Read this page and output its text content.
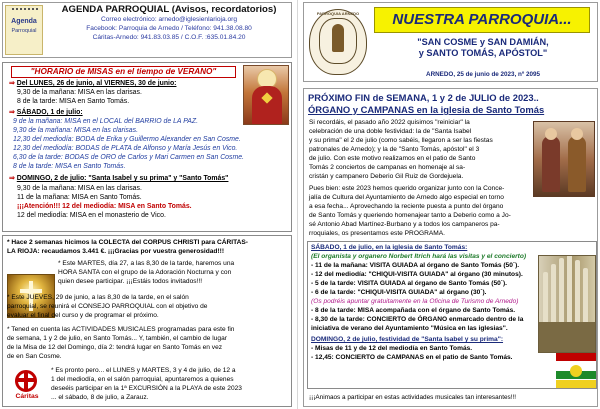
Agenda
Parroquial
AGENDA PARROQUIAL (Avisos, recordatorios)
Correo electrónico: arnedo@iglesienlarioja.org
Facebook: Parroquia de Arnedo / Teléfono: 941.38.08.80
Cáritas-Arnedo: 941.83.03.85 / C.O.F. :635.01.84.20
"HORARIO de MISAS en el tiempo de VERANO"
⇒ Del LUNES, 26 de junio, al VIERNES, 30 de junio:
9,30 de la mañana: MISA en las clarisas.
8 de la tarde: MISA en Santo Tomás.
⇒ SÁBADO, 1 de julio:
9 de la mañana: MISA en el LOCAL del BARRIO de LA PAZ.
9,30 de la mañana: MISA en las clarisas.
12,30 del mediodía: BODA de Erika y Guillermo Alexander en San Cosme.
12,30 del mediodía: BODAS de PLATA de Alfonso y María Jesús en Vico.
6,30 de la tarde: BODAS de ORO de Carlos y Mari Carmen en San Cosme.
8 de la tarde: MISA en Santo Tomás.
⇒ DOMINGO, 2 de julio: "Santa Isabel y su prima" y "Santo Tomás"
9,30 de la mañana: MISA en las clarisas.
11 de la mañana: MISA en Santo Tomás.
¡¡¡Atención!!! 12 del mediodía: MISA en Santo Tomás.
12 del mediodía: MISA en el monasterio de Vico.
* Hace 2 semanas hicimos la COLECTA del CORPUS CHRISTI para CÁRITAS-
LA RIOJA: recaudamos 3.441 €. ¡¡¡Gracias por vuestra generosidad!!!
* Este MARTES, día 27, a las 8,30 de la tarde, haremos una
HORA SANTA con el grupo de la Adoración Nocturna y con
quien desee participar. ¡¡¡Estáis todos invitados!!!
* Este JUEVES, 29 de junio, a las 8,30 de la tarde, en el salón
parroquial, se reunirá el CONSEJO PARROQUIAL con el objetivo de
evaluar el final del curso y de programar el próximo.
* Tened en cuenta las ACTIVIDADES MUSICALES programadas para este fin
de semana, 1 y 2 de julio, en Santo Tomás... Y, también, el cambio de lugar
de la Misa de 12 del Domingo, día 2: tendrá lugar en Santo Tomás en vez
de en San Cosme.
Cáritas
* Es pronto pero... el LUNES y MARTES, 3 y 4 de julio, de 12 a
1 del mediodía, en el salón parroquial, apuntaremos a quienes
deseéis participar en la 1ª EXCURSIÓN a la PLAYA de este 2023
... el sábado, 8 de julio, a Zarauz.
PARROQUIA ARNEDO	NUESTRA PARROQUIA...
"SAN COSME y SAN DAMIÁN,
y SANTO TOMÁS, APÓSTOL"
ARNEDO, 25 de junio de 2023, nº 2095
PRÓXIMO FIN de SEMANA, 1 y 2 de JULIO de 2023..
ÓRGANO y CAMPANAS en la iglesia de Santo Tomás
Si recordáis, el pasado año 2022 quisimos "reiniciar" la
celebración de una doble festividad: la de "Santa Isabel
y su prima" el 2 de julio (como sabéis, llegaron a ser las fiestas
patronales de Arnedo); y la de "Santo Tomás, apóstol" el 3
de julio. Con este motivo realizamos en el patio de Santo
Tomás 2 conciertos de campanas en homenaje al sa-
cristán y campanero Deberio Gil Ruiz de Gordejuela.
Pues bien: este 2023 hemos querido organizar junto con la Conce-
jalía de Cultura del Ayuntamiento de Arnedo algo especial en torno
a esa fecha... Aprovechando la reciente puesta a punto del órgano
de Santo Tomás y queriendo homenajear tanto a Deberio como a Jo-
sé Antonio Abad Martínez-Burbano y a todos los campaneros pa-
rroquiales, os presentamos este PROGRAMA.
SÁBADO, 1 de julio, en la iglesia de Santo Tomás:
(El organista y organero Norbert Itrich hará las visitas y el concierto)
- 11 de la mañana: VISITA GUIADA al órgano de Santo Tomás (50´).
- 12 del mediodía: "CHIQUI-VISITA GUIADA" al órgano (30 minutos).
- 5 de la tarde: VISITA GUIADA al órgano de Santo Tomás (50´).
- 6 de la tarde: "CHIQUI-VISITA GUIADA" al órgano (30´).
(Os podréis apuntar gratuitamente en la Oficina de Turismo de Arnedo)
- 8 de la tarde: MISA acompañada con el órgano de Santo Tomás.
- 8,30 de la tarde: CONCIERTO de ÓRGANO enmarcado dentro de la
iniciativa de verano del Ayuntamiento "Música en las iglesias".
DOMINGO, 2 de julio, festividad de "Santa Isabel y su prima":
- Misas de 11 y de 12 del mediodía en Santo Tomás.
- 12,45: CONCIERTO de CAMPANAS en el patio de Santo Tomás.
¡¡¡Animaos a participar en estas actividades musicales tan interesantes!!!
